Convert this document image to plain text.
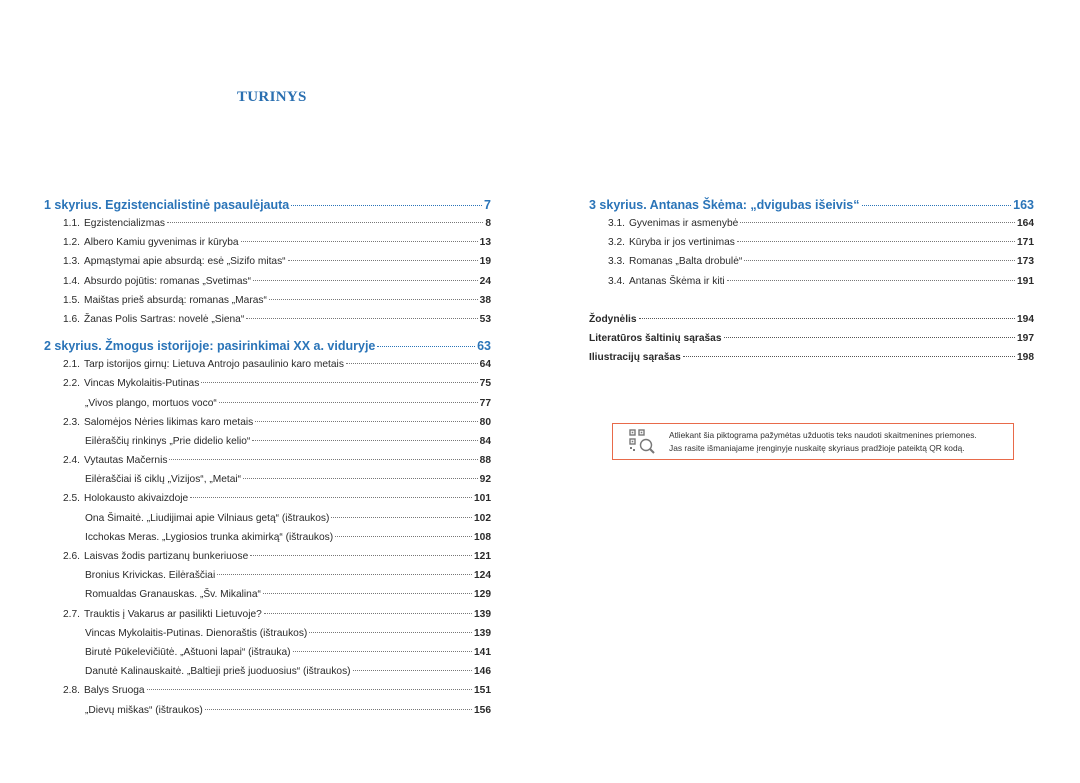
TURINYS
1 skyrius. Egzistencialistinė pasaulėjauta	7
1.1. Egzistencializmas	8
1.2. Albero Kamiu gyvenimas ir kūryba	13
1.3. Apmąstymai apie absurdą: esė „Sizifo mitas“	19
1.4. Absurdo pojūtis: romanas „Svetimas“	24
1.5. Maištas prieš absurdą: romanas „Maras“	38
1.6. Žanas Polis Sartras: novelė „Siena“	53
2 skyrius. Žmogus istorijoje: pasirinkimai XX a. viduryje	63
2.1. Tarp istorijos girnų: Lietuva Antrojo pasaulinio karo metais	64
2.2. Vincas Mykolaitis-Putinas	75
„Vivos plango, mortuos voco“	77
2.3. Salomėjos Nėries likimas karo metais	80
Eilėraščių rinkinys „Prie didelio kelio“	84
2.4. Vytautas Mačernis	88
Eilėraščiai iš ciklų „Vizijos“, „Metai“	92
2.5. Holokausto akivaizdoje	101
Ona Šimaitė. „Liudijimai apie Vilniaus getą“ (ištraukos)	102
Icchokas Meras. „Lygiosios trunka akimirką“ (ištraukos)	108
2.6. Laisvas žodis partizanų bunkeriuose	121
Bronius Krivickas. Eilėraščiai	124
Romualdas Granauskas. „Šv. Mikalina“	129
2.7. Trauktis į Vakarus ar pasilikti Lietuvoje?	139
Vincas Mykolaitis-Putinas. Dienoraštis (ištraukos)	139
Birutė Pūkelevičiūtė. „Aštuoni lapai“ (ištrauka)	141
Danutė Kalinauskaitė. „Baltieji prieš juoduosius“ (ištraukos)	146
2.8. Balys Sruoga	151
„Dievų miškas“ (ištraukos)	156
3 skyrius. Antanas Škėma: „dvigubas išeivis“	163
3.1. Gyvenimas ir asmenybė	164
3.2. Kūryba ir jos vertinimas	171
3.3. Romanas „Balta drobulė“	173
3.4. Antanas Škėma ir kiti	191
Žodynėlis	194
Literatūros šaltinių sąrašas	197
Iliustracijų sąrašas	198
Atliekant šia piktograma pažymėtas užduotis teks naudoti skaitmenines priemones.
Jas rasite išmaniajame įrenginyje nuskaitę skyriaus pradžioje pateiktą QR kodą.
